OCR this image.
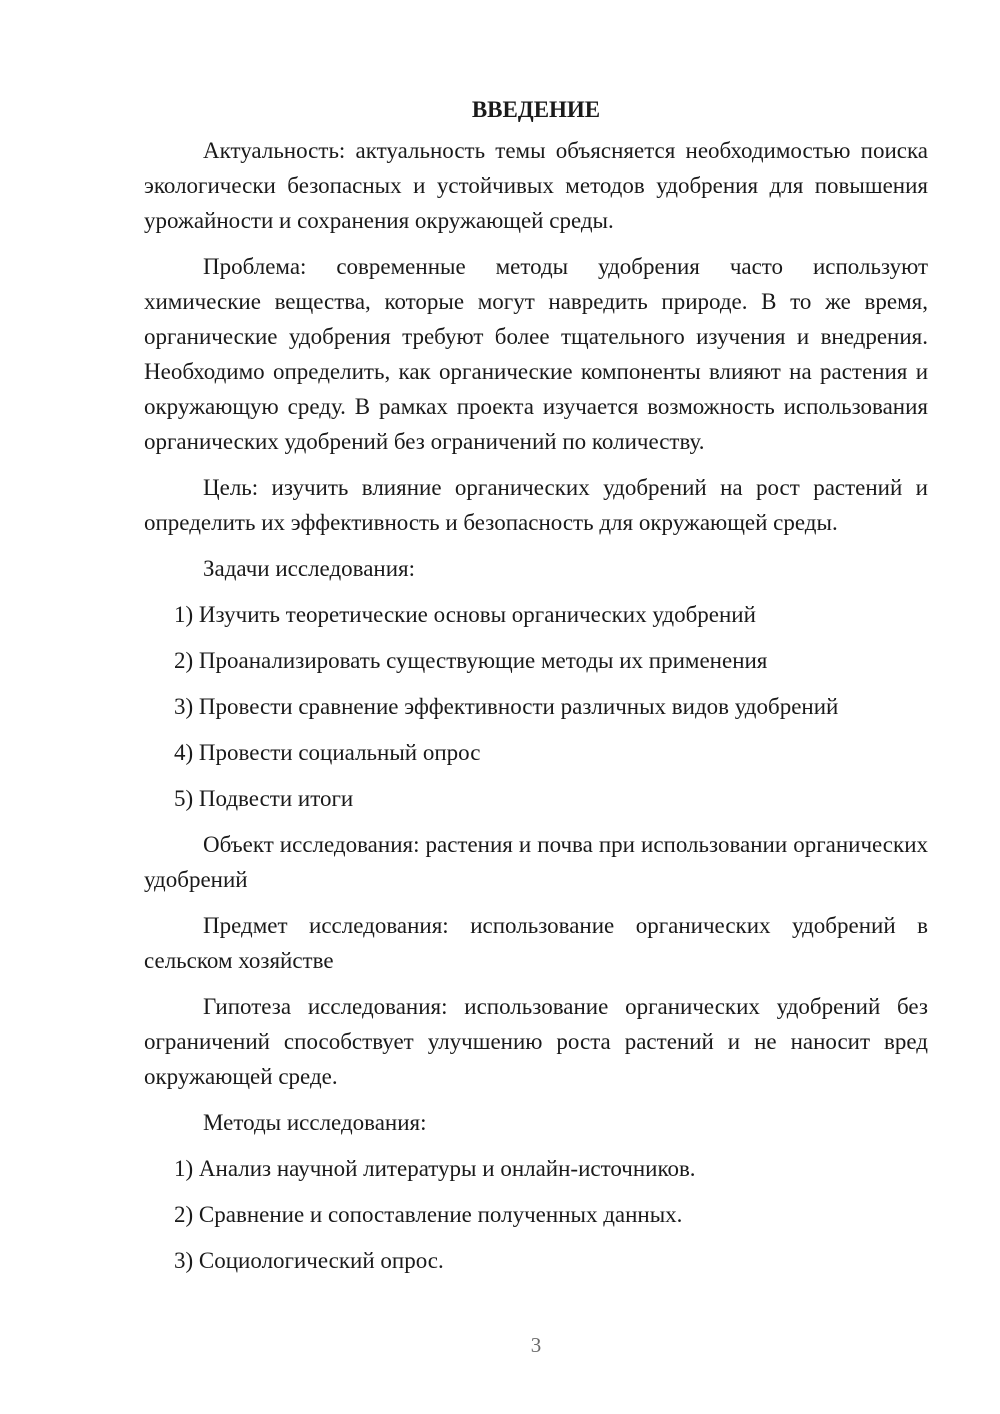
ВВЕДЕНИЕ

Актуальность: актуальность темы объясняется необходимостью поиска экологически безопасных и устойчивых методов удобрения для повышения урожайности и сохранения окружающей среды.

Проблема: современные методы удобрения часто используют химические вещества, которые могут навредить природе. В то же время, органические удобрения требуют более тщательного изучения и внедрения. Необходимо определить, как органические компоненты влияют на растения и окружающую среду. В рамках проекта изучается возможность использования органических удобрений без ограничений по количеству.

Цель: изучить влияние органических удобрений на рост растений и определить их эффективность и безопасность для окружающей среды.

Задачи исследования:

1) Изучить теоретические основы органических удобрений
2) Проанализировать существующие методы их применения
3) Провести сравнение эффективности различных видов удобрений
4) Провести социальный опрос
5) Подвести итоги

Объект исследования: растения и почва при использовании органических удобрений

Предмет исследования: использование органических удобрений в сельском хозяйстве

Гипотеза исследования: использование органических удобрений без ограничений способствует улучшению роста растений и не наносит вред окружающей среде.

Методы исследования:

1) Анализ научной литературы и онлайн-источников.
2) Сравнение и сопоставление полученных данных.
3) Социологический опрос.
3
